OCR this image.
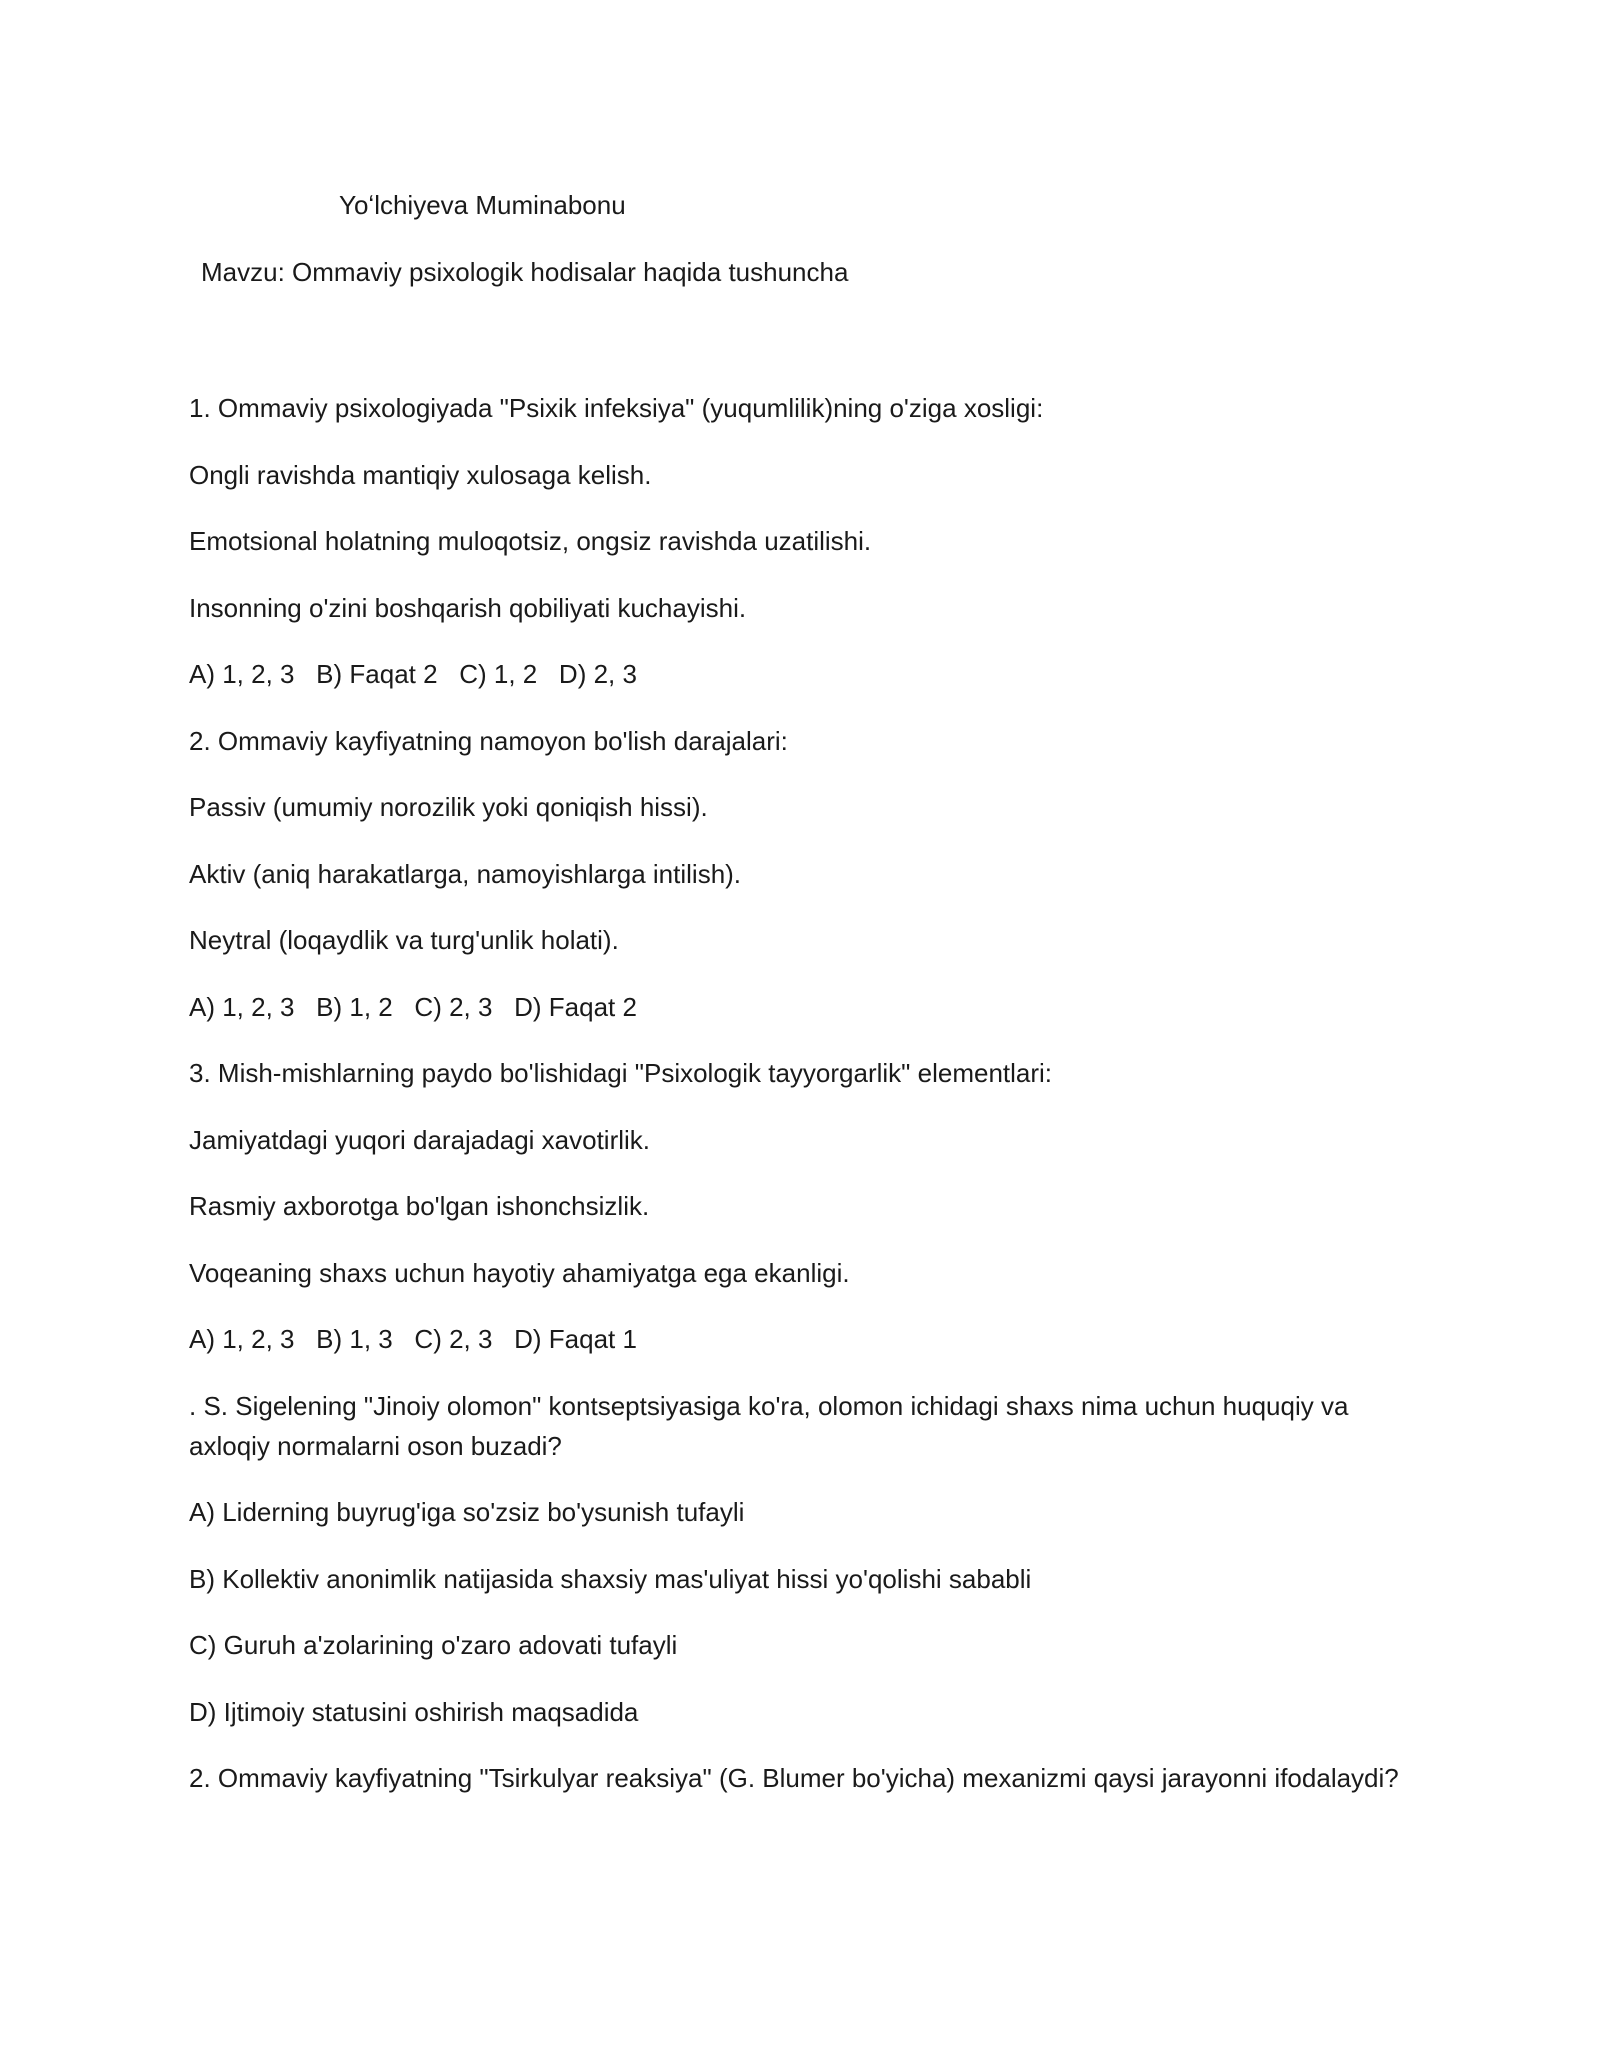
Yoʻlchiyeva Muminabonu

Mavzu: Ommaviy psixologik hodisalar haqida tushuncha

1. Ommaviy psixologiyada "Psixik infeksiya" (yuqumlilik)ning o'ziga xosligi:

Ongli ravishda mantiqiy xulosaga kelish.

Emotsional holatning muloqotsiz, ongsiz ravishda uzatilishi.

Insonning o'zini boshqarish qobiliyati kuchayishi.

A) 1, 2, 3   B) Faqat 2   C) 1, 2   D) 2, 3

2. Ommaviy kayfiyatning namoyon bo'lish darajalari:

Passiv (umumiy norozilik yoki qoniqish hissi).

Aktiv (aniq harakatlarga, namoyishlarga intilish).

Neytral (loqaydlik va turg'unlik holati).

A) 1, 2, 3   B) 1, 2   C) 2, 3   D) Faqat 2

3. Mish-mishlarning paydo bo'lishidagi "Psixologik tayyorgarlik" elementlari:

Jamiyatdagi yuqori darajadagi xavotirlik.

Rasmiy axborotga bo'lgan ishonchsizlik.

Voqeaning shaxs uchun hayotiy ahamiyatga ega ekanligi.

A) 1, 2, 3   B) 1, 3   C) 2, 3   D) Faqat 1

. S. Sigelening "Jinoiy olomon" kontseptsiyasiga ko'ra, olomon ichidagi shaxs nima uchun huquqiy va axloqiy normalarni oson buzadi?

A) Liderning buyrug'iga so'zsiz bo'ysunish tufayli

B) Kollektiv anonimlik natijasida shaxsiy mas'uliyat hissi yo'qolishi sababli

C) Guruh a'zolarining o'zaro adovati tufayli

D) Ijtimoiy statusini oshirish maqsadida

2. Ommaviy kayfiyatning "Tsirkulyar reaksiya" (G. Blumer bo'yicha) mexanizmi qaysi jarayonni ifodalaydi?
